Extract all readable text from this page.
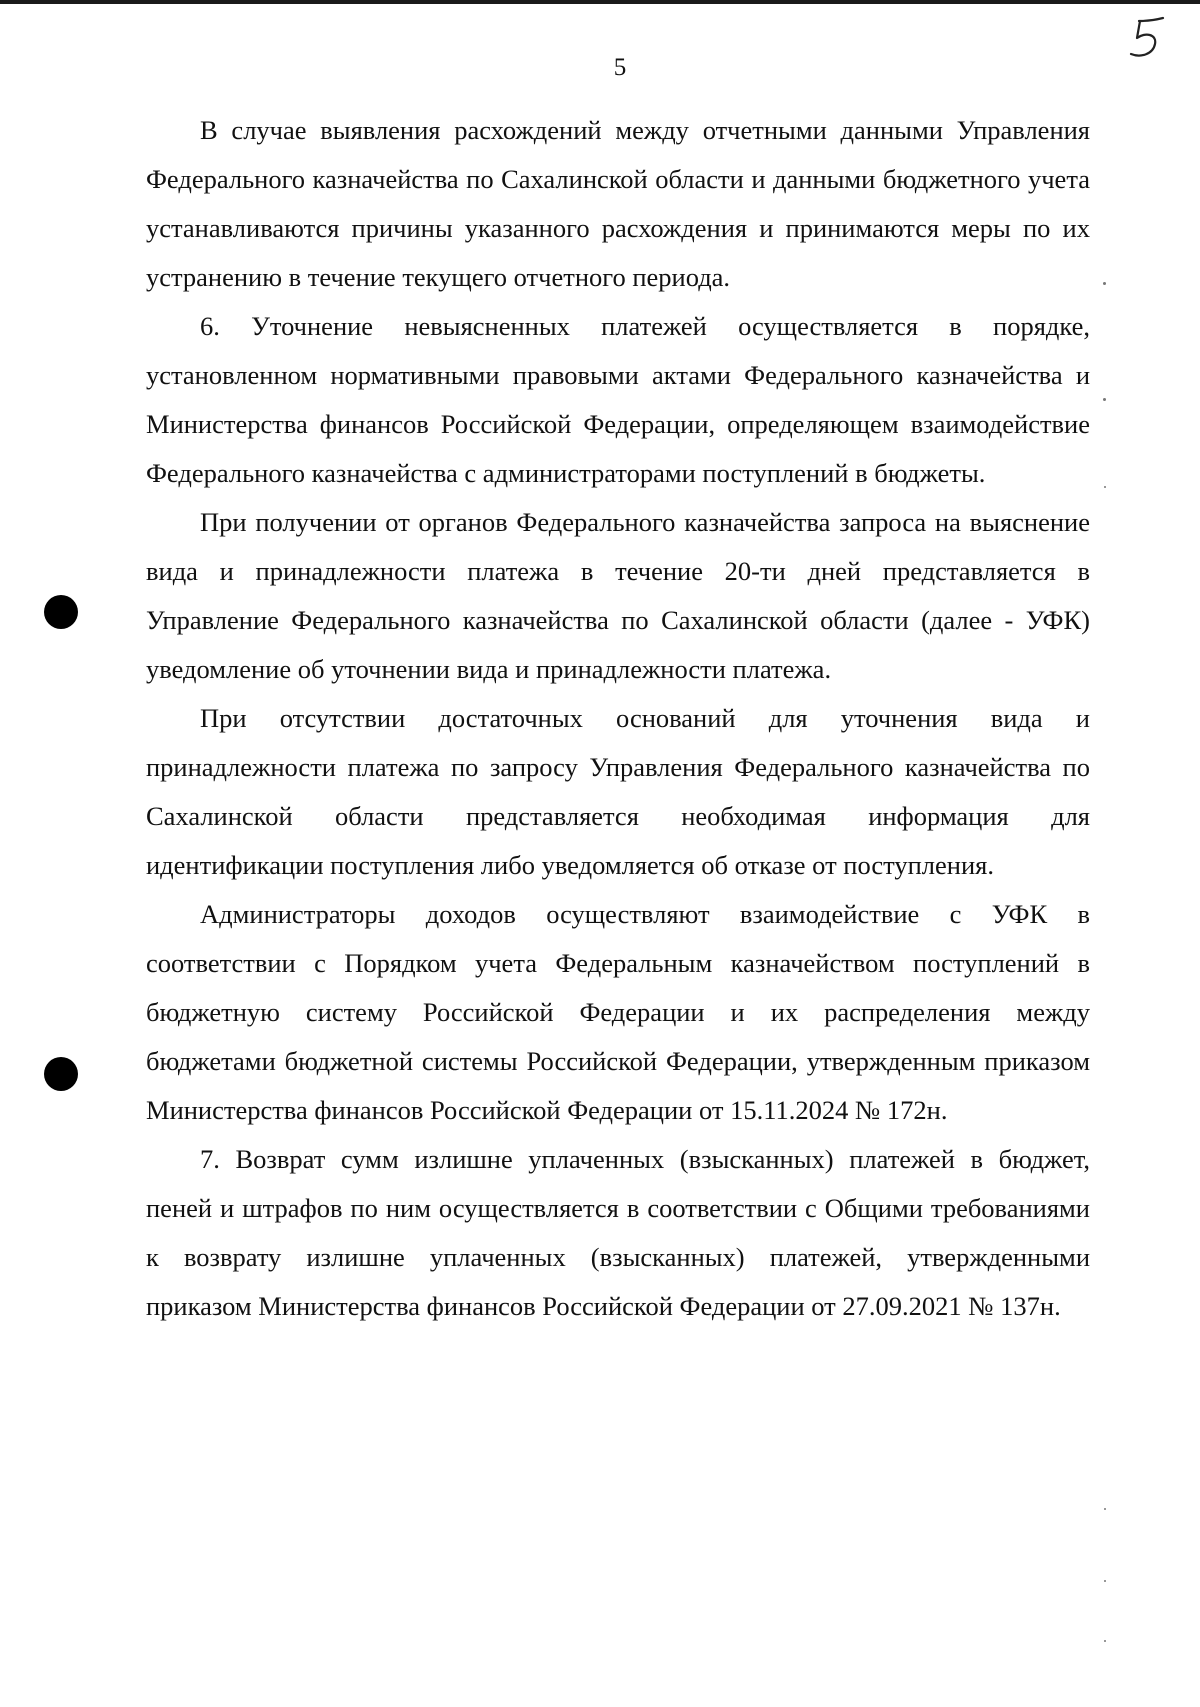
5

В случае выявления расхождений между отчетными данными Управления Федерального казначейства по Сахалинской области и данными бюджетного учета устанавливаются причины указанного расхождения и принимаются меры по их устранению в течение текущего отчетного периода.

6. Уточнение невыясненных платежей осуществляется в порядке, установленном нормативными правовыми актами Федерального казначейства и Министерства финансов Российской Федерации, определяющем взаимодействие Федерального казначейства с администраторами поступлений в бюджеты.

При получении от органов Федерального казначейства запроса на выяснение вида и принадлежности платежа в течение 20-ти дней представляется в Управление Федерального казначейства по Сахалинской области (далее - УФК) уведомление об уточнении вида и принадлежности платежа.

При отсутствии достаточных оснований для уточнения вида и принадлежности платежа по запросу Управления Федерального казначейства по Сахалинской области представляется необходимая информация для идентификации поступления либо уведомляется об отказе от поступления.

Администраторы доходов осуществляют взаимодействие с УФК в соответствии с Порядком учета Федеральным казначейством поступлений в бюджетную систему Российской Федерации и их распределения между бюджетами бюджетной системы Российской Федерации, утвержденным приказом Министерства финансов Российской Федерации от 15.11.2024 № 172н.

7. Возврат сумм излишне уплаченных (взысканных) платежей в бюджет, пеней и штрафов по ним осуществляется в соответствии с Общими требованиями к возврату излишне уплаченных (взысканных) платежей, утвержденными приказом Министерства финансов Российской Федерации от 27.09.2021 № 137н.
